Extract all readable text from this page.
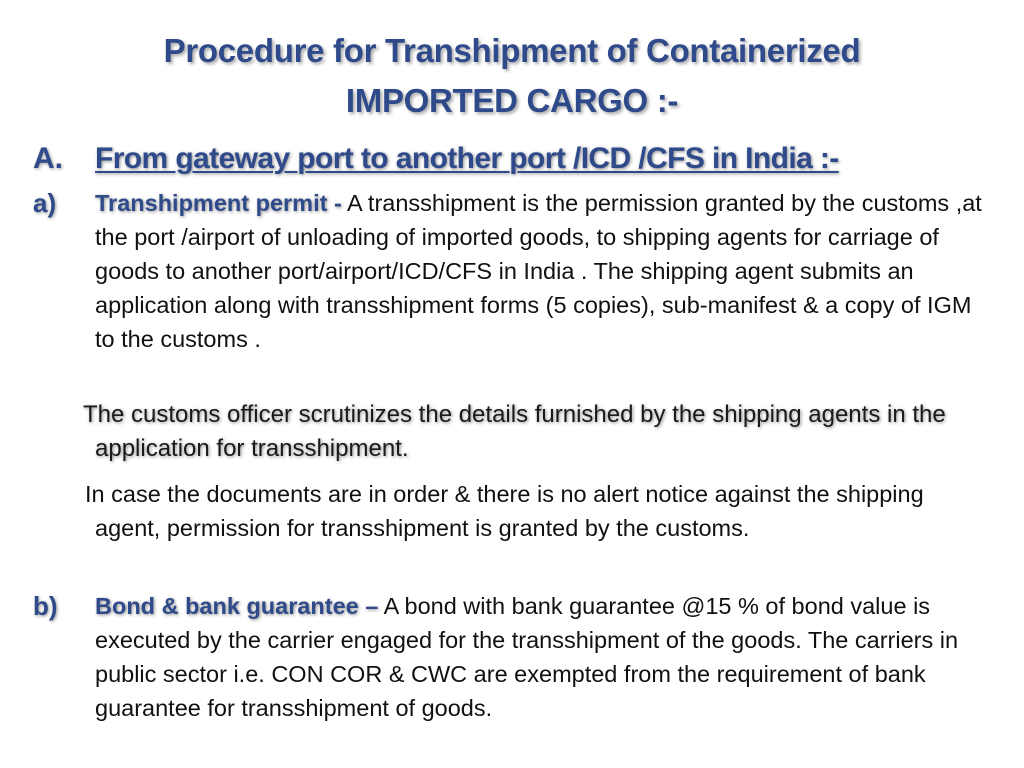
Procedure for Transhipment of Containerized
IMPORTED CARGO :-
A. From gateway port to another port /ICD /CFS in India :-
a) Transhipment permit - A transshipment is the permission granted by the customs ,at the port /airport of unloading of imported goods, to shipping agents for carriage of goods to another port/airport/ICD/CFS in India . The shipping agent submits an application along with transshipment forms (5 copies), sub-manifest & a copy of IGM to the customs .
The customs officer scrutinizes the details furnished by the shipping agents in the application for transshipment.
In case the documents are in order & there is no alert notice against the shipping agent, permission for transshipment is granted by the customs.
b) Bond & bank guarantee – A bond with bank guarantee @15 % of bond value is executed by the carrier engaged for the transshipment of the goods. The carriers in public sector i.e. CON COR & CWC are exempted from the requirement of bank guarantee for transshipment of goods.
